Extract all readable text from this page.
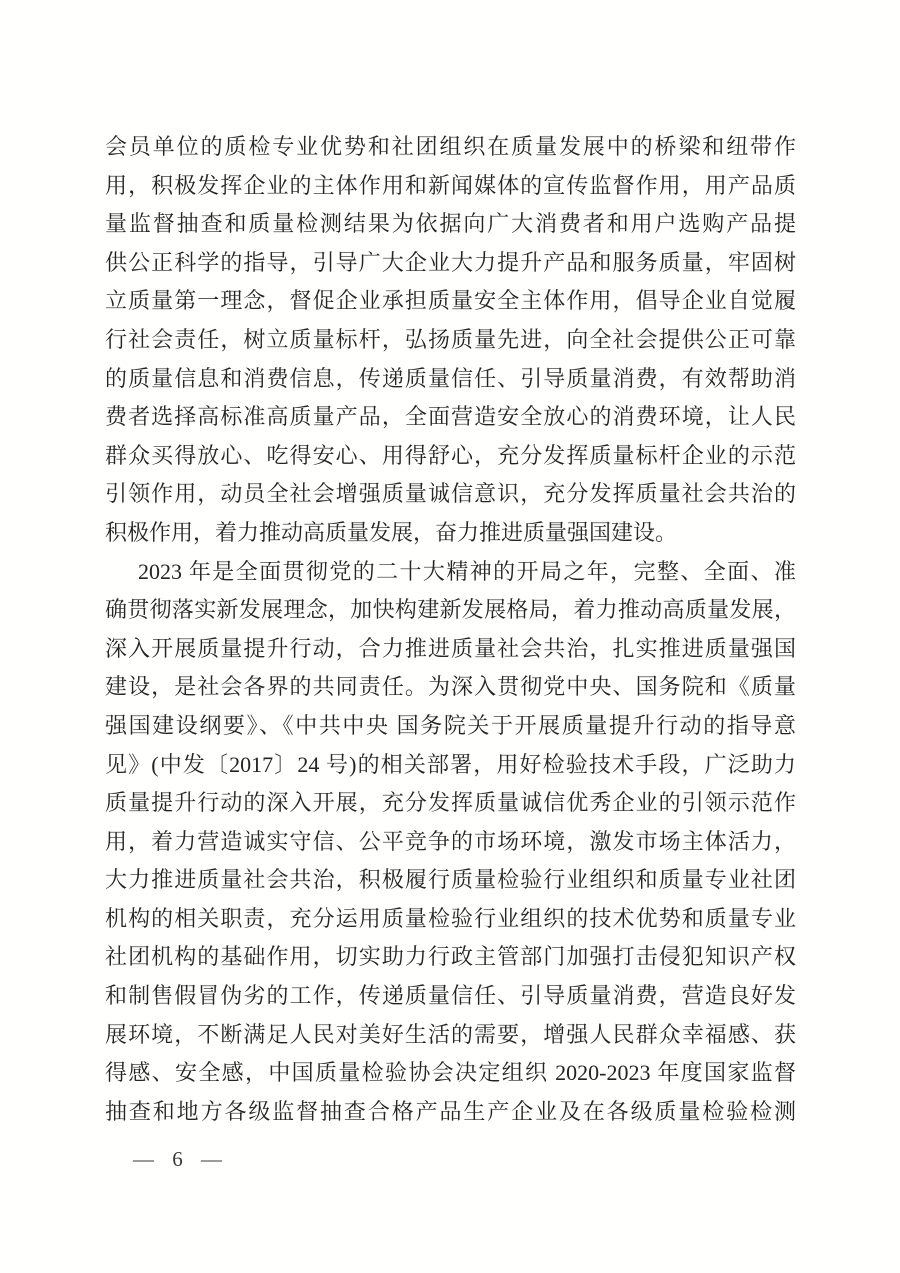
会员单位的质检专业优势和社团组织在质量发展中的桥梁和纽带作
用，积极发挥企业的主体作用和新闻媒体的宣传监督作用，用产品质
量监督抽查和质量检测结果为依据向广大消费者和用户选购产品提
供公正科学的指导，引导广大企业大力提升产品和服务质量，牢固树
立质量第一理念，督促企业承担质量安全主体作用，倡导企业自觉履
行社会责任，树立质量标杆，弘扬质量先进，向全社会提供公正可靠
的质量信息和消费信息，传递质量信任、引导质量消费，有效帮助消
费者选择高标准高质量产品，全面营造安全放心的消费环境，让人民
群众买得放心、吃得安心、用得舒心，充分发挥质量标杆企业的示范
引领作用，动员全社会增强质量诚信意识，充分发挥质量社会共治的
积极作用，着力推动高质量发展，奋力推进质量强国建设。
2023 年是全面贯彻党的二十大精神的开局之年，完整、全面、准
确贯彻落实新发展理念，加快构建新发展格局，着力推动高质量发展，
深入开展质量提升行动，合力推进质量社会共治，扎实推进质量强国
建设，是社会各界的共同责任。为深入贯彻党中央、国务院和《质量
强国建设纲要》、《中共中央 国务院关于开展质量提升行动的指导意
见》(中发〔2017〕24 号)的相关部署，用好检验技术手段，广泛助力
质量提升行动的深入开展，充分发挥质量诚信优秀企业的引领示范作
用，着力营造诚实守信、公平竞争的市场环境，激发市场主体活力，
大力推进质量社会共治，积极履行质量检验行业组织和质量专业社团
机构的相关职责，充分运用质量检验行业组织的技术优势和质量专业
社团机构的基础作用，切实助力行政主管部门加强打击侵犯知识产权
和制售假冒伪劣的工作，传递质量信任、引导质量消费，营造良好发
展环境，不断满足人民对美好生活的需要，增强人民群众幸福感、获
得感、安全感，中国质量检验协会决定组织 2020-2023 年度国家监督
抽查和地方各级监督抽查合格产品生产企业及在各级质量检验检测
— 6 —
